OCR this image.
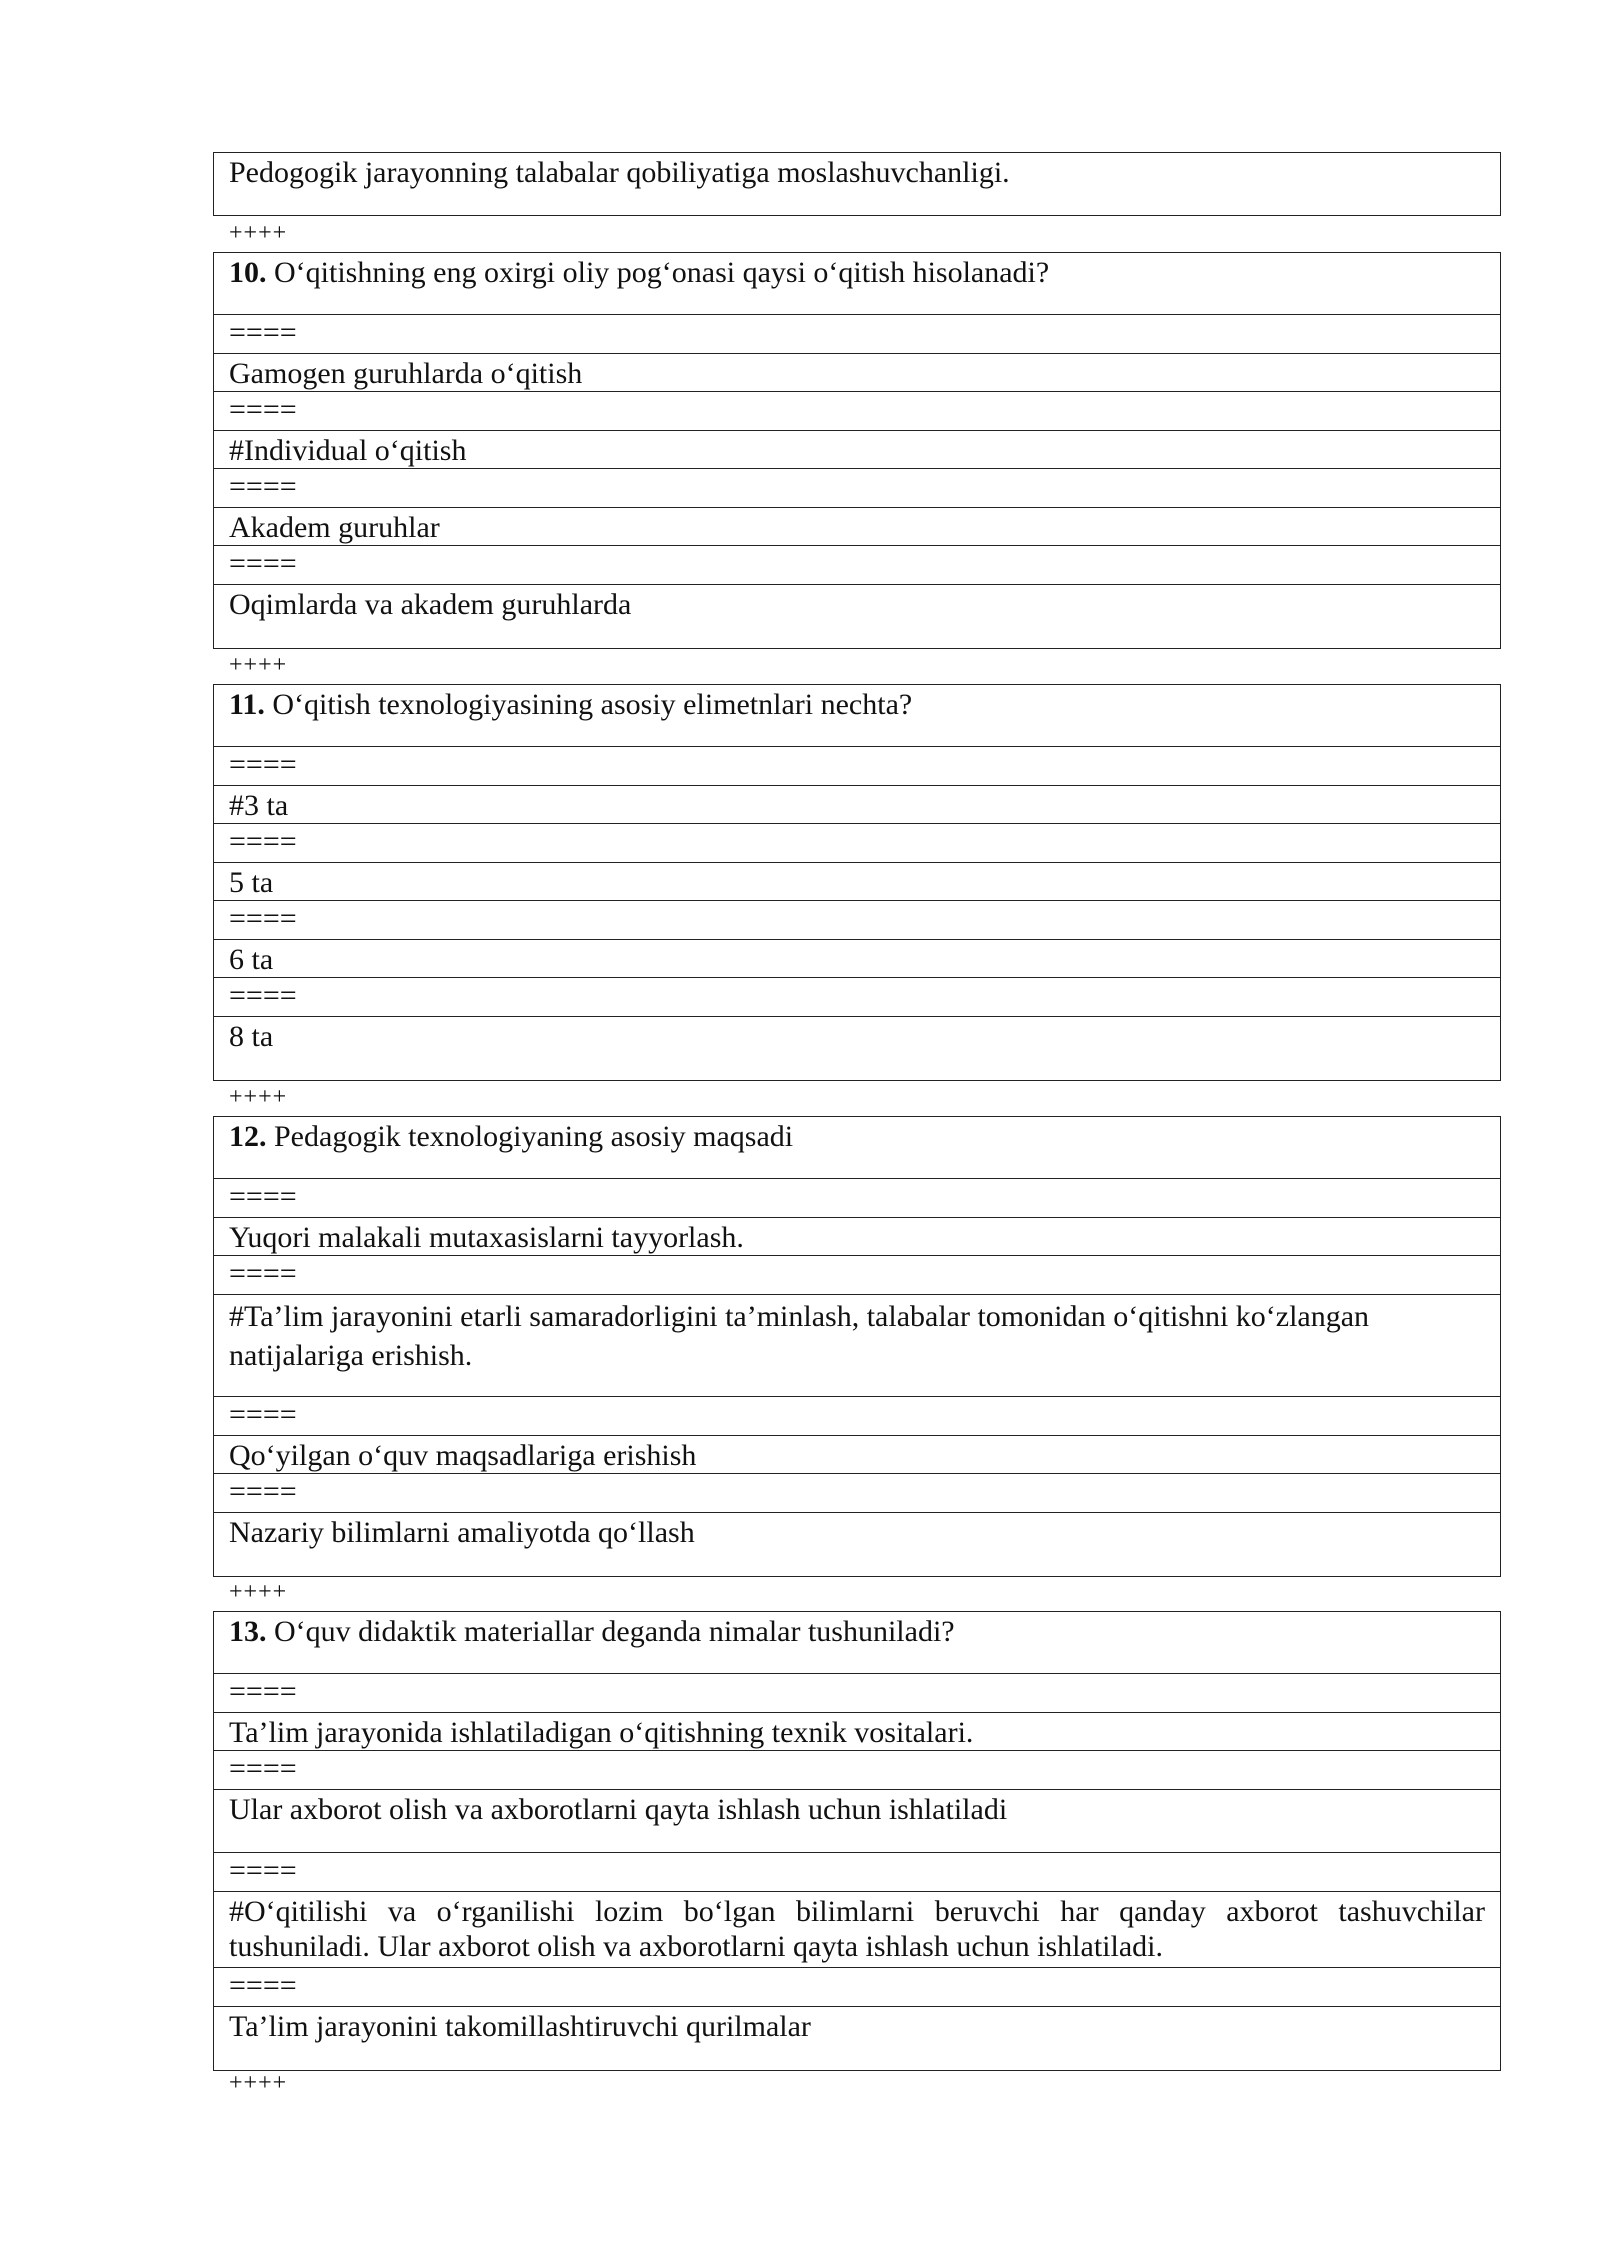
Pedogogik jarayonning talabalar qobiliyatiga moslashuvchanligi.
++++
10. O‘qitishning eng oxirgi oliy pog‘onasi qaysi o‘qitish hisolanadi?
====
Gamogen guruhlarda o‘qitish
====
#Individual o‘qitish
====
Akadem guruhlar
====
Oqimlarda va akadem guruhlarda
++++
11. O‘qitish texnologiyasining asosiy elimetnlari nechta?
====
#3 ta
====
5 ta
====
6 ta
====
8 ta
++++
12. Pedagogik texnologiyaning asosiy maqsadi
====
Yuqori malakali mutaxasislarni tayyorlash.
====
#Ta’lim jarayonini etarli samaradorligini ta’minlash, talabalar tomonidan o‘qitishni ko‘zlangan natijalariga erishish.
====
Qo‘yilgan o‘quv maqsadlariga erishish
====
Nazariy bilimlarni amaliyotda qo‘llash
++++
13. O‘quv didaktik materiallar deganda nimalar tushuniladi?
====
Ta’lim jarayonida ishlatiladigan o‘qitishning texnik vositalari.
====
Ular axborot olish va axborotlarni qayta ishlash uchun ishlatiladi
====
#O‘qitilishi va o‘rganilishi lozim bo‘lgan bilimlarni beruvchi har qanday axborot tashuvchilar tushuniladi. Ular axborot olish va axborotlarni qayta ishlash uchun ishlatiladi.
====
Ta’lim jarayonini takomillashtiruvchi qurilmalar
++++
